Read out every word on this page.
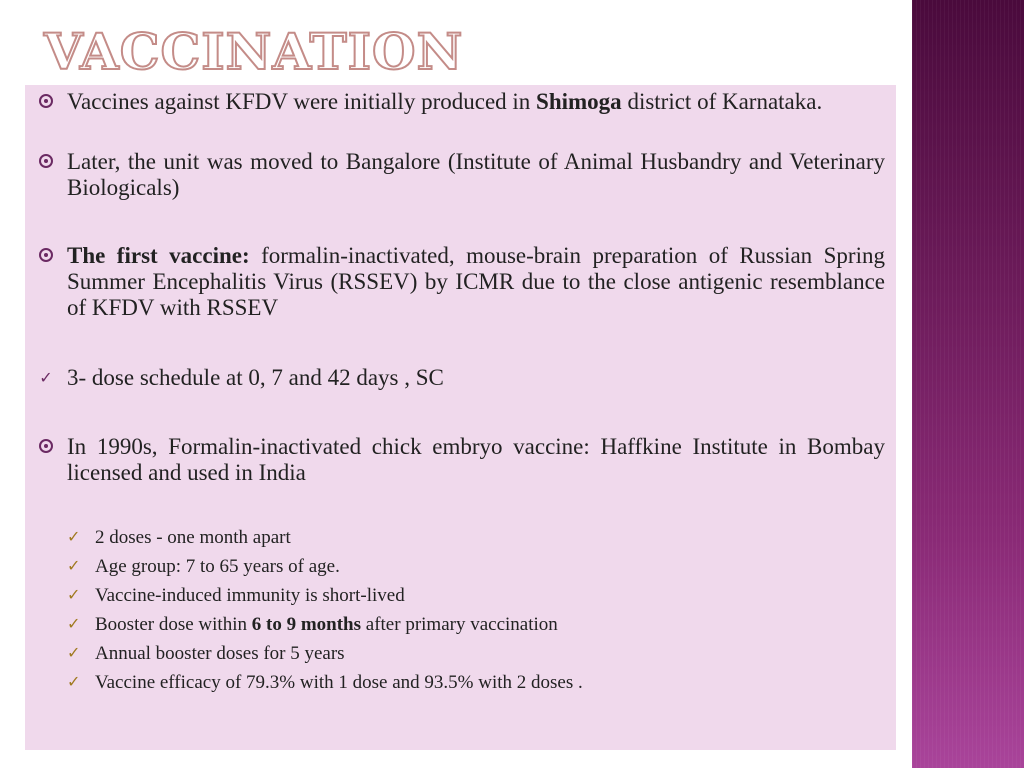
VACCINATION
Vaccines against KFDV were initially produced in Shimoga district of Karnataka.
Later, the unit was moved to Bangalore (Institute of Animal Husbandry and Veterinary Biologicals)
The first vaccine: formalin-inactivated, mouse-brain preparation of Russian Spring Summer Encephalitis Virus (RSSEV) by ICMR due to the close antigenic resemblance of KFDV with RSSEV
✓ 3- dose schedule at 0, 7 and 42 days , SC
In 1990s, Formalin-inactivated chick embryo vaccine: Haffkine Institute in Bombay licensed and used in India
✓ 2 doses - one month apart
✓ Age group: 7 to 65 years of age.
✓ Vaccine-induced immunity is short-lived
✓ Booster dose within 6 to 9 months after primary vaccination
✓ Annual booster doses for 5 years
✓ Vaccine efficacy of 79.3% with 1 dose and 93.5% with 2 doses .
